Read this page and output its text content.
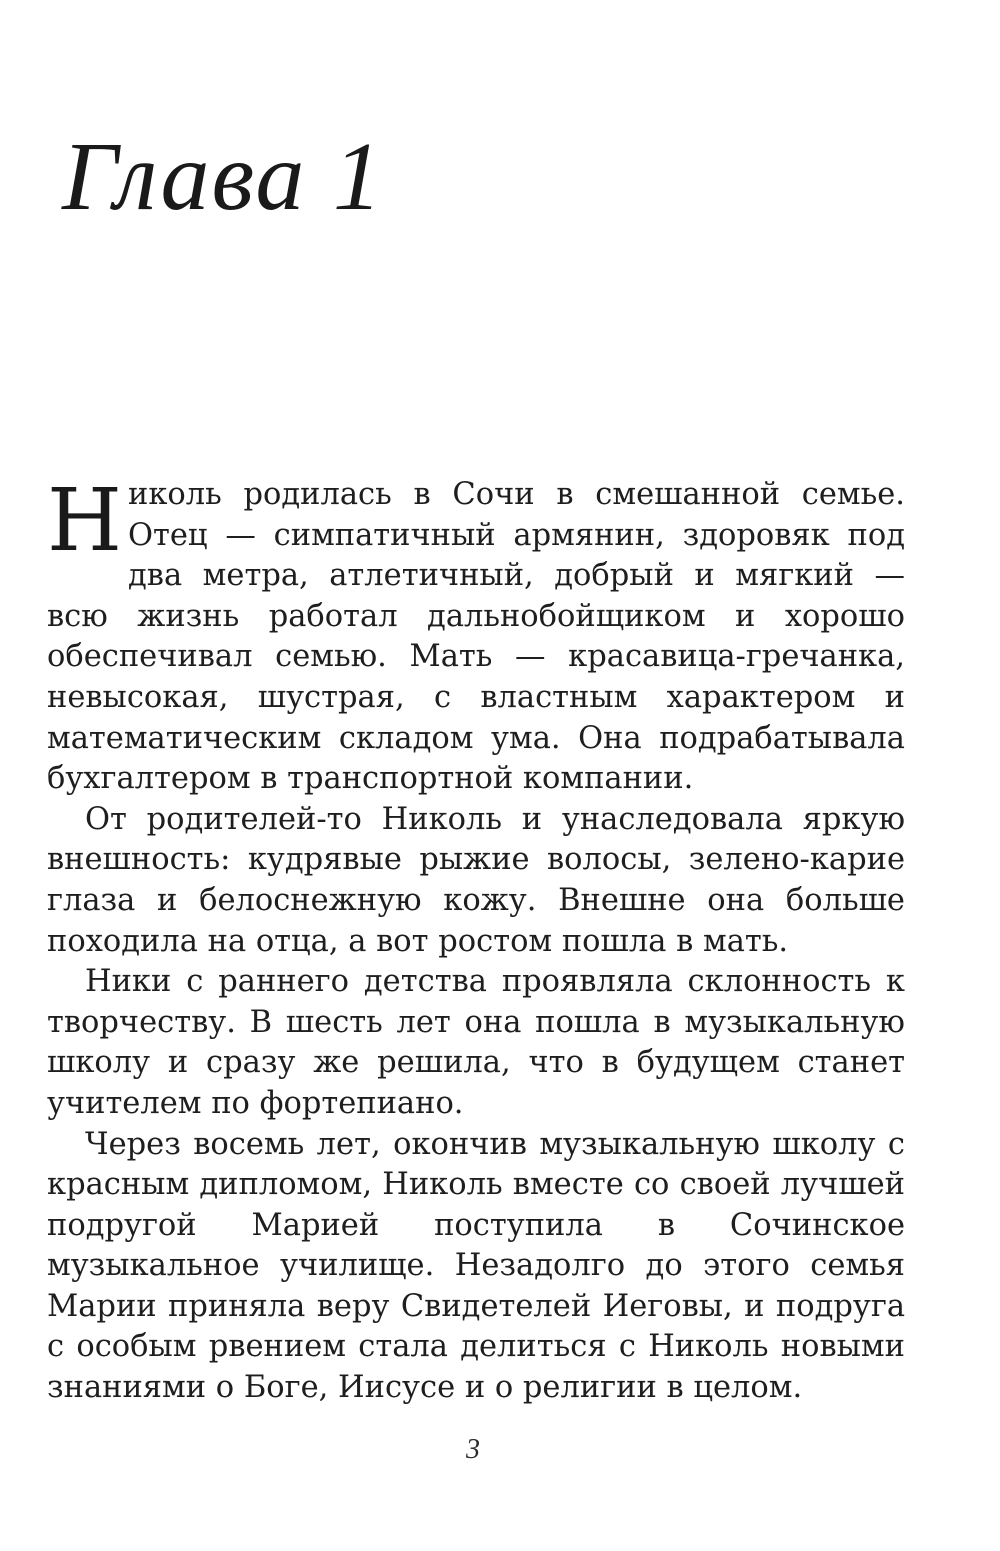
Глава 1

Николь родилась в Сочи в смешанной семье. Отец — симпатичный армянин, здоровяк под два метра, атлетичный, добрый и мягкий — всю жизнь работал дальнобойщиком и хорошо обеспечивал семью. Мать — красавица-гречанка, невысокая, шустрая, с властным характером и математическим складом ума. Она подрабатывала бухгалтером в транспортной компании.

От родителей-то Николь и унаследовала яркую внешность: кудрявые рыжие волосы, зелено-карие глаза и белоснежную кожу. Внешне она больше походила на отца, а вот ростом пошла в мать.

Ники с раннего детства проявляла склонность к творчеству. В шесть лет она пошла в музыкальную школу и сразу же решила, что в будущем станет учителем по фортепиано.

Через восемь лет, окончив музыкальную школу с красным дипломом, Николь вместе со своей лучшей подругой Марией поступила в Сочинское музыкальное училище. Незадолго до этого семья Марии приняла веру Свидетелей Иеговы, и подруга с особым рвением стала делиться с Николь новыми знаниями о Боге, Иисусе и о религии в целом.

3
